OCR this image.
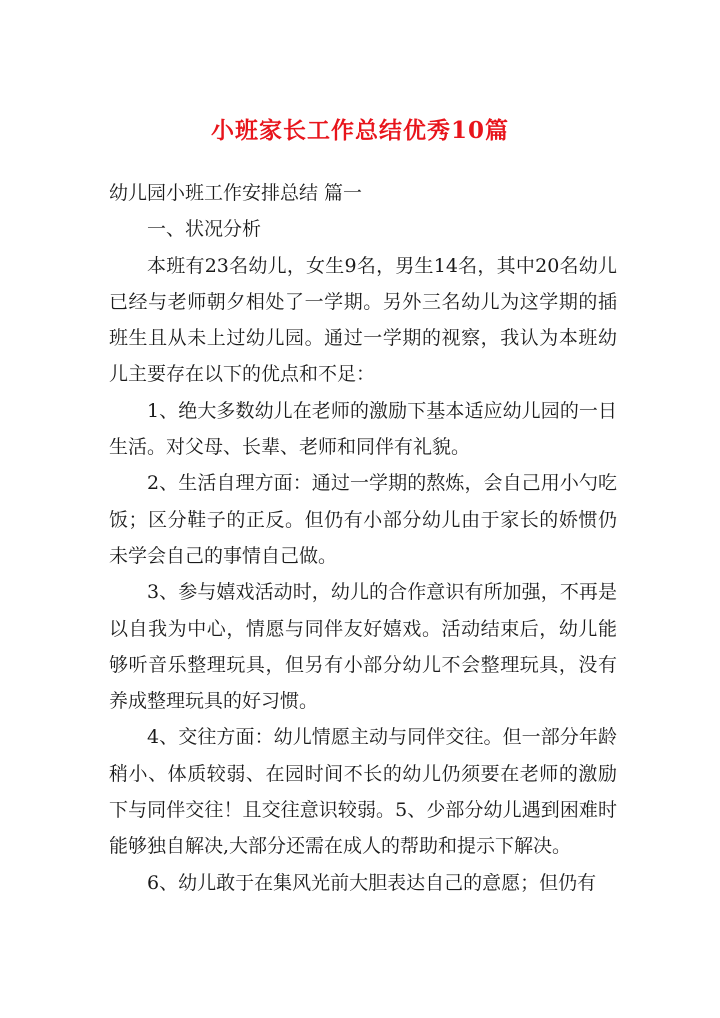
小班家长工作总结优秀10篇

幼儿园小班工作安排总结 篇一

一、状况分析

本班有23名幼儿，女生9名，男生14名，其中20名幼儿已经与老师朝夕相处了一学期。另外三名幼儿为这学期的插班生且从未上过幼儿园。通过一学期的视察，我认为本班幼儿主要存在以下的优点和不足：

1、绝大多数幼儿在老师的激励下基本适应幼儿园的一日生活。对父母、长辈、老师和同伴有礼貌。

2、生活自理方面：通过一学期的熬炼，会自己用小勺吃饭；区分鞋子的正反。但仍有小部分幼儿由于家长的娇惯仍未学会自己的事情自己做。

3、参与嬉戏活动时，幼儿的合作意识有所加强，不再是以自我为中心，情愿与同伴友好嬉戏。活动结束后，幼儿能够听音乐整理玩具，但另有小部分幼儿不会整理玩具，没有养成整理玩具的好习惯。

4、交往方面：幼儿情愿主动与同伴交往。但一部分年龄稍小、体质较弱、在园时间不长的幼儿仍须要在老师的激励下与同伴交往！且交往意识较弱。5、少部分幼儿遇到困难时能够独自解决,大部分还需在成人的帮助和提示下解决。

6、幼儿敢于在集风光前大胆表达自己的意愿；但仍有
